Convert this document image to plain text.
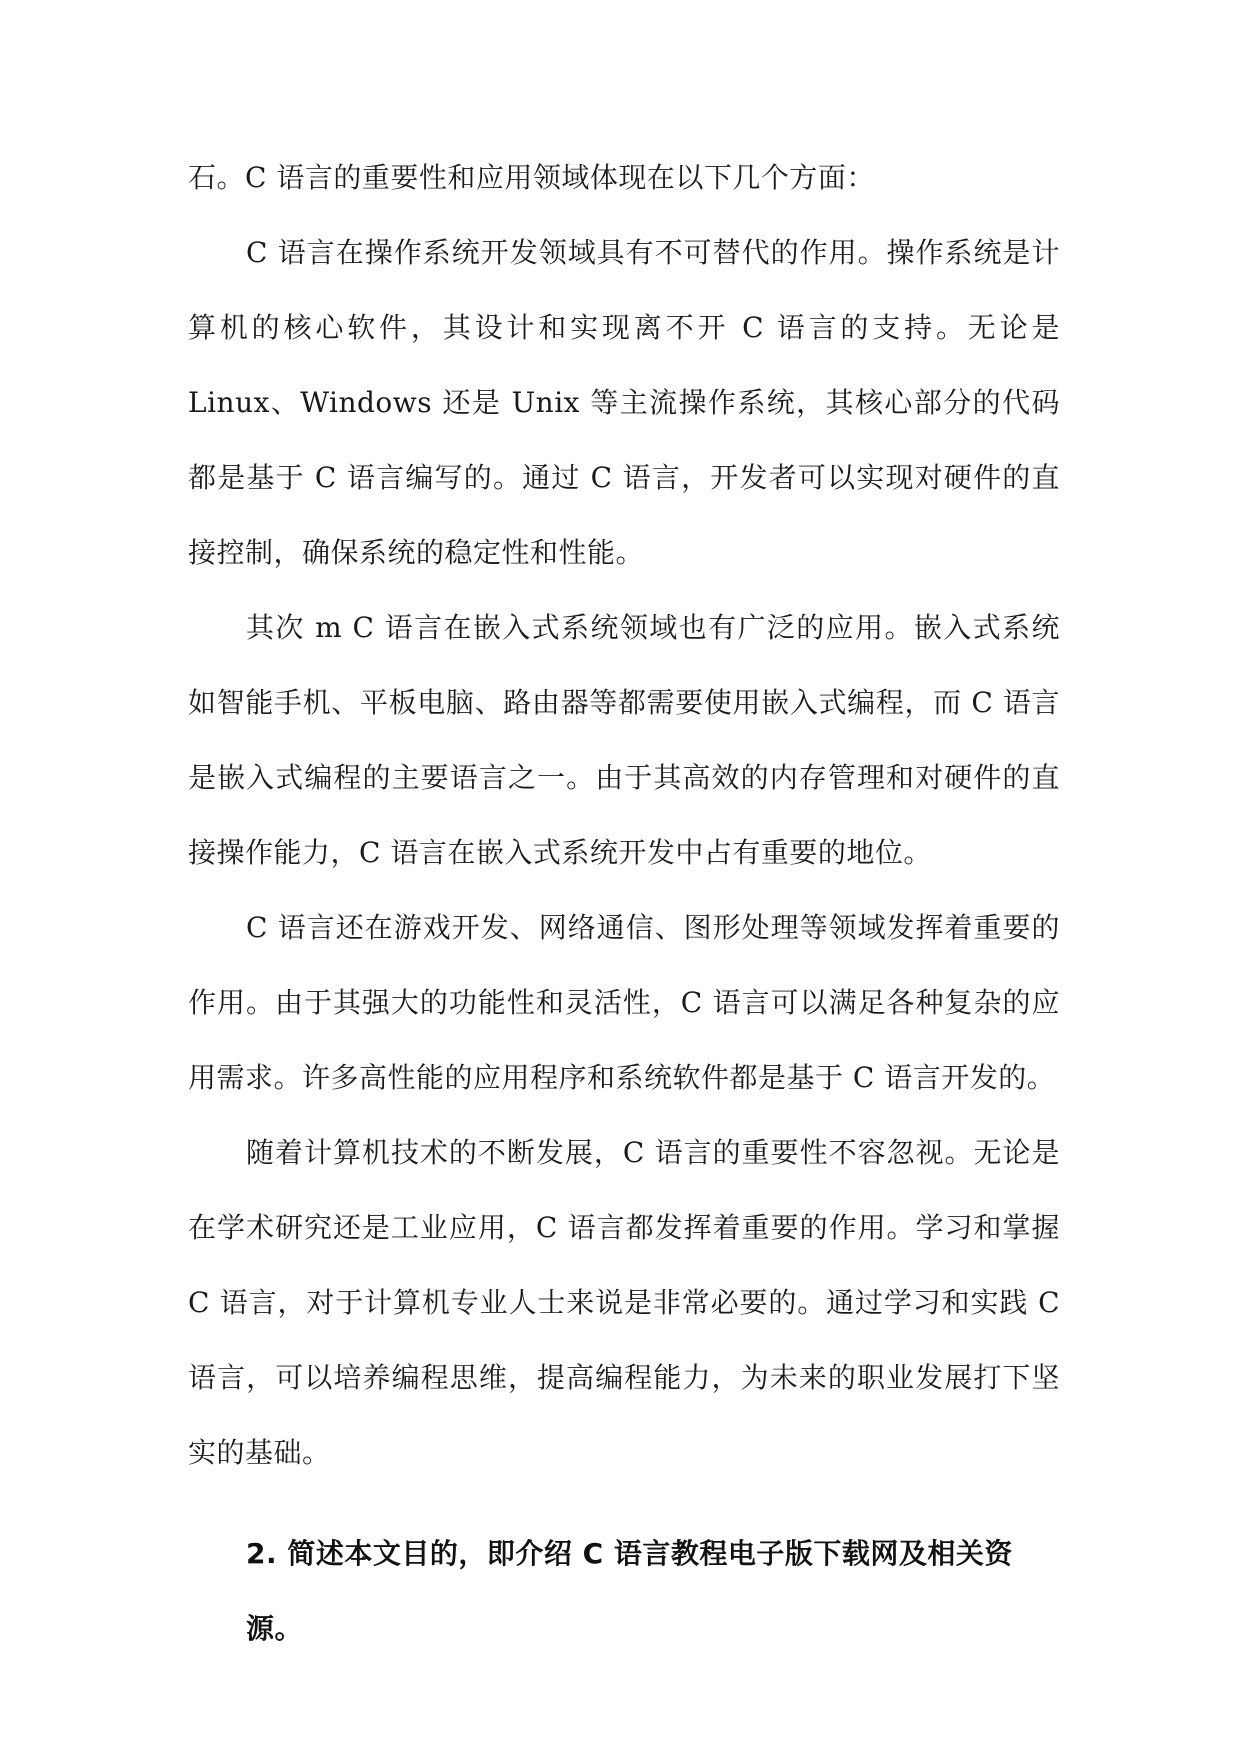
石。C 语言的重要性和应用领域体现在以下几个方面：

C 语言在操作系统开发领域具有不可替代的作用。操作系统是计算机的核心软件，其设计和实现离不开 C 语言的支持。无论是 Linux、Windows 还是 Unix 等主流操作系统，其核心部分的代码都是基于 C 语言编写的。通过 C 语言，开发者可以实现对硬件的直接控制，确保系统的稳定性和性能。

其次 m C 语言在嵌入式系统领域也有广泛的应用。嵌入式系统如智能手机、平板电脑、路由器等都需要使用嵌入式编程，而 C 语言是嵌入式编程的主要语言之一。由于其高效的内存管理和对硬件的直接操作能力，C 语言在嵌入式系统开发中占有重要的地位。

C 语言还在游戏开发、网络通信、图形处理等领域发挥着重要的作用。由于其强大的功能性和灵活性，C 语言可以满足各种复杂的应用需求。许多高性能的应用程序和系统软件都是基于 C 语言开发的。

随着计算机技术的不断发展，C 语言的重要性不容忽视。无论是在学术研究还是工业应用，C 语言都发挥着重要的作用。学习和掌握 C 语言，对于计算机专业人士来说是非常必要的。通过学习和实践 C 语言，可以培养编程思维，提高编程能力，为未来的职业发展打下坚实的基础。

2. 简述本文目的，即介绍 C 语言教程电子版下载网及相关资源。
